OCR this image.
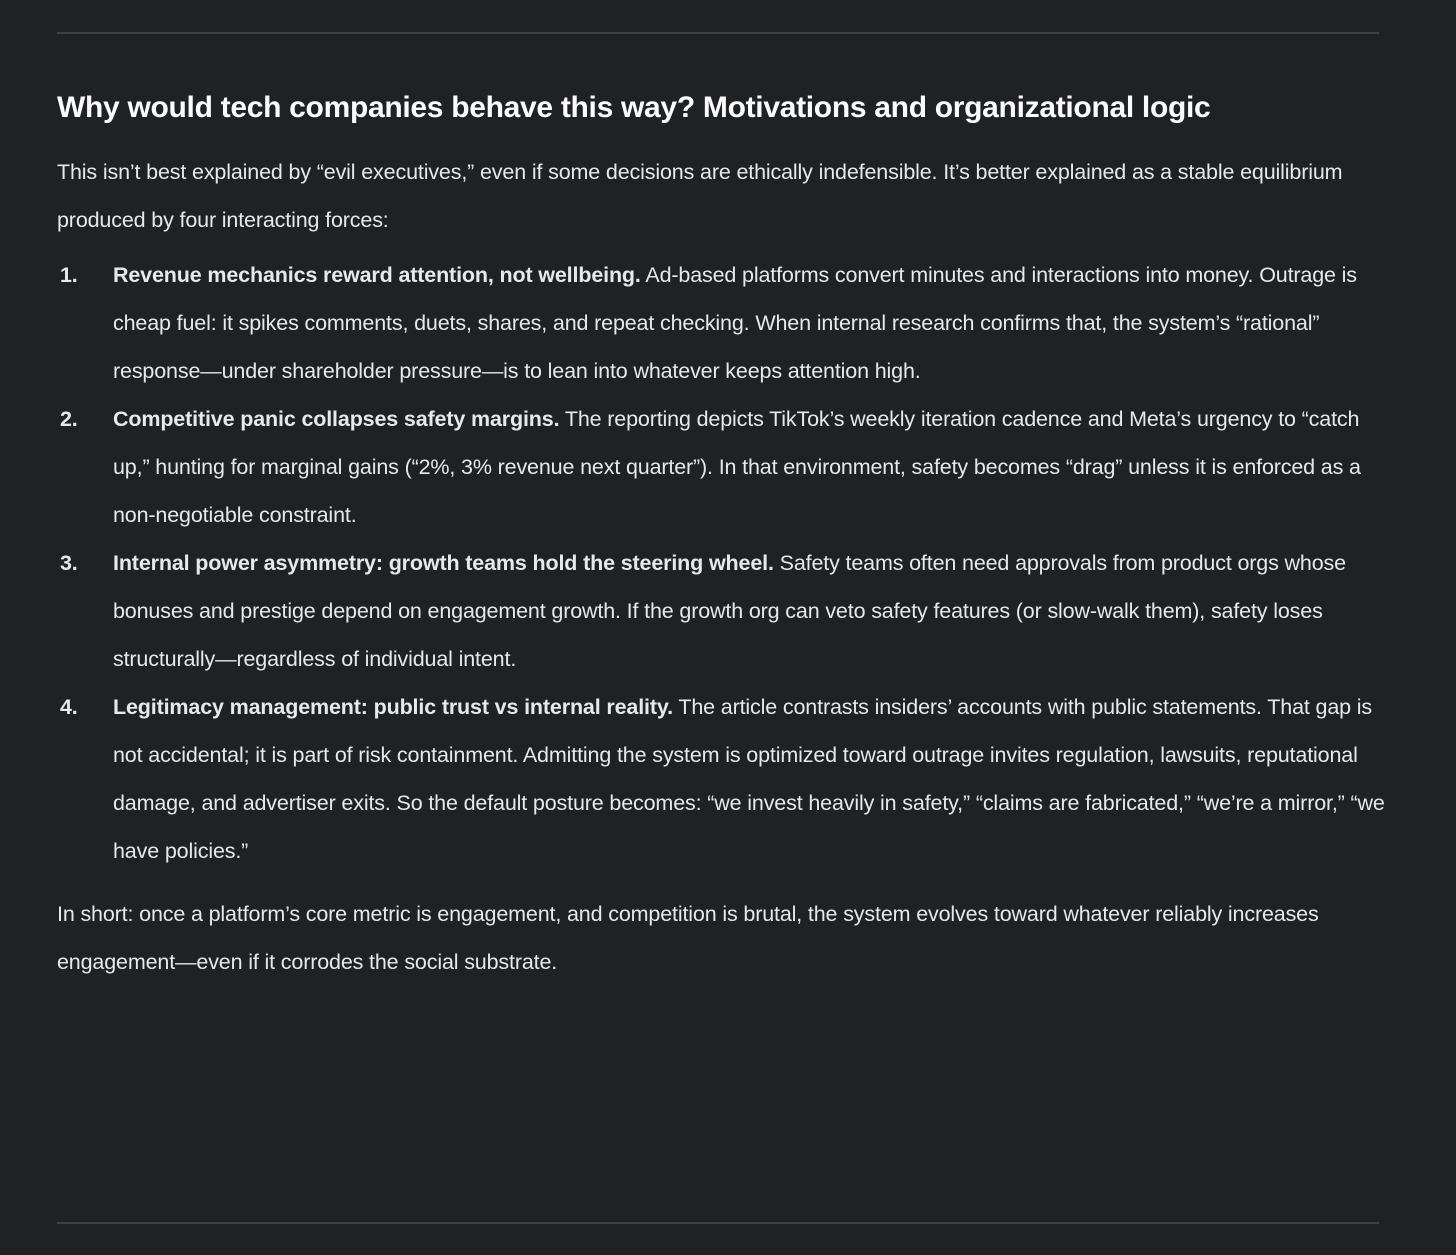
Why would tech companies behave this way? Motivations and organizational logic

This isn’t best explained by “evil executives,” even if some decisions are ethically indefensible. It’s better explained as a stable equilibrium produced by four interacting forces:

1. Revenue mechanics reward attention, not wellbeing. Ad-based platforms convert minutes and interactions into money. Outrage is cheap fuel: it spikes comments, duets, shares, and repeat checking. When internal research confirms that, the system’s “rational” response—under shareholder pressure—is to lean into whatever keeps attention high.
2. Competitive panic collapses safety margins. The reporting depicts TikTok’s weekly iteration cadence and Meta’s urgency to “catch up,” hunting for marginal gains (“2%, 3% revenue next quarter”). In that environment, safety becomes “drag” unless it is enforced as a non-negotiable constraint.
3. Internal power asymmetry: growth teams hold the steering wheel. Safety teams often need approvals from product orgs whose bonuses and prestige depend on engagement growth. If the growth org can veto safety features (or slow-walk them), safety loses structurally—regardless of individual intent.
4. Legitimacy management: public trust vs internal reality. The article contrasts insiders’ accounts with public statements. That gap is not accidental; it is part of risk containment. Admitting the system is optimized toward outrage invites regulation, lawsuits, reputational damage, and advertiser exits. So the default posture becomes: “we invest heavily in safety,” “claims are fabricated,” “we’re a mirror,” “we have policies.”

In short: once a platform’s core metric is engagement, and competition is brutal, the system evolves toward whatever reliably increases engagement—even if it corrodes the social substrate.
